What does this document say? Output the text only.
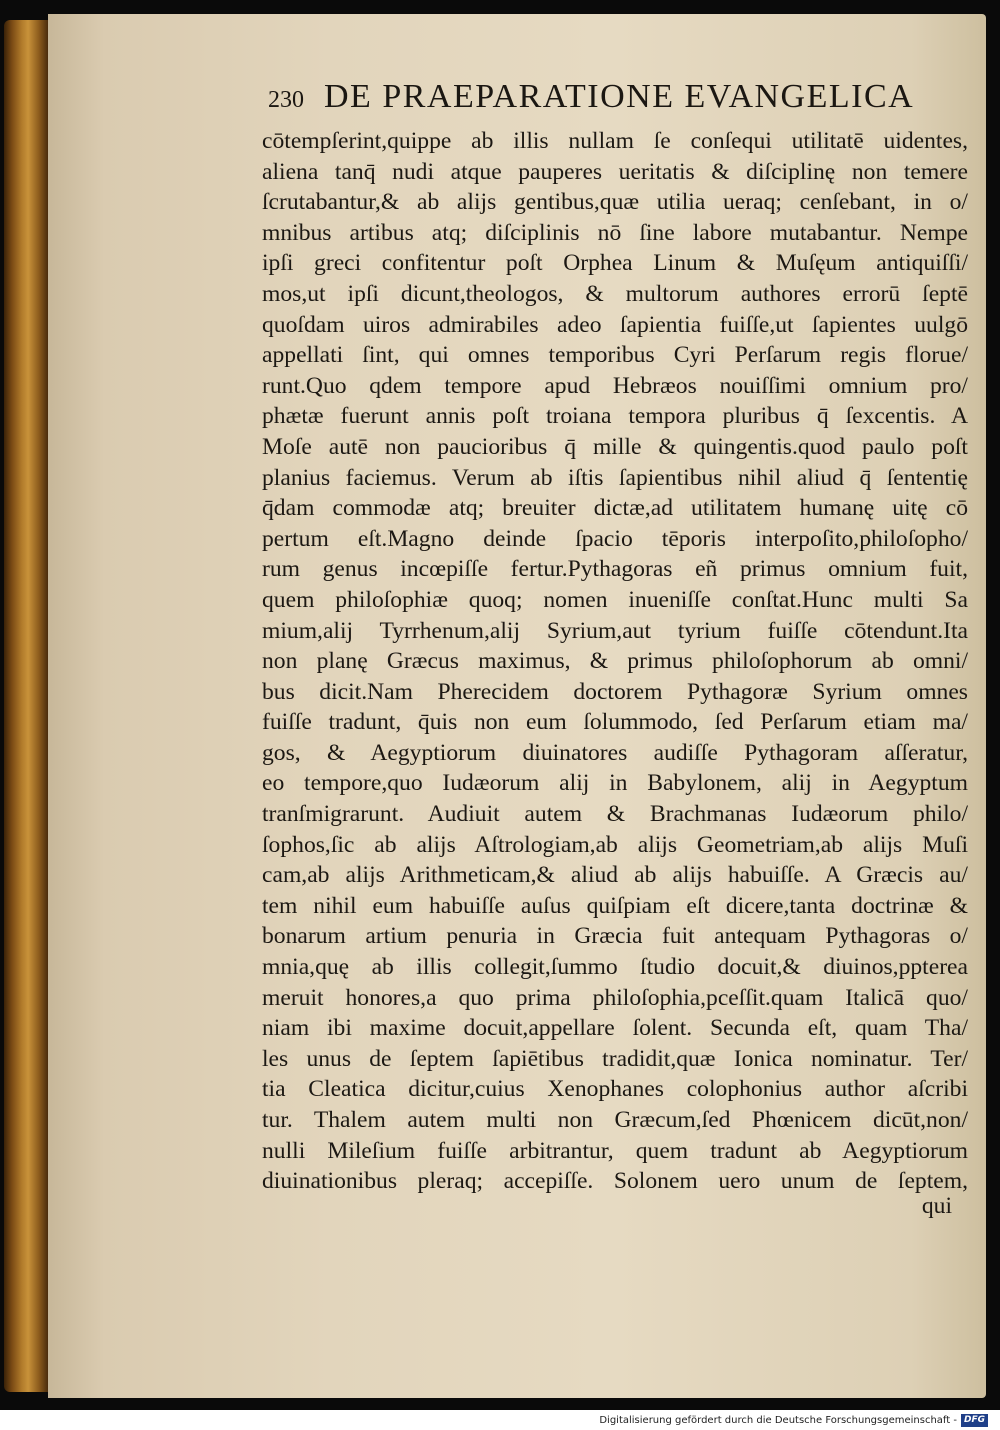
230 DE PRAEPARATIONE EVANGELICA
cōtempſerint,quippe ab illis nullam ſe conſequi utilitatē uidentes,
aliena tanq̄ nudi atque pauperes ueritatis & diſciplinę non temere
ſcrutabantur,& ab alijs gentibus,quæ utilia ueraq; cenſebant, in o/
mnibus artibus atq; diſciplinis nō ſine labore mutabantur. Nempe
ipſi greci confitentur poſt Orphea Linum & Muſęum antiquiſſi/
mos,ut ipſi dicunt,theologos, & multorum authores errorū ſeptē
quoſdam uiros admirabiles adeo ſapientia fuiſſe,ut ſapientes uulgō
appellati ſint, qui omnes temporibus Cyri Perſarum regis florue/
runt.Quo qdem tempore apud Hebræos nouiſſimi omnium pro/
phætæ fuerunt annis poſt troiana tempora pluribus q̄ ſexcentis. A
Moſe autē non paucioribus q̄ mille & quingentis.quod paulo poſt
planius faciemus. Verum ab iſtis ſapientibus nihil aliud q̄ ſententię
q̄dam commodæ atq; breuiter dictæ,ad utilitatem humanę uitę cō
pertum eſt.Magno deinde ſpacio tēporis interpoſito,philoſopho/
rum genus incœpiſſe fertur.Pythagoras eñ primus omnium fuit,
quem philoſophiæ quoq; nomen inueniſſe conſtat.Hunc multi Sa
mium,alij Tyrrhenum,alij Syrium,aut tyrium fuiſſe cōtendunt.Ita
non planę Græcus maximus, & primus philoſophorum ab omni/
bus dicit.Nam Pherecidem doctorem Pythagoræ Syrium omnes
fuiſſe tradunt, q̄uis non eum ſolummodo, ſed Perſarum etiam ma/
gos, & Aegyptiorum diuinatores audiſſe Pythagoram aſſeratur,
eo tempore,quo Iudæorum alij in Babylonem, alij in Aegyptum
tranſmigrarunt. Audiuit autem & Brachmanas Iudæorum philo/
ſophos,ſic ab alijs Aſtrologiam,ab alijs Geometriam,ab alijs Muſi
cam,ab alijs Arithmeticam,& aliud ab alijs habuiſſe. A Græcis au/
tem nihil eum habuiſſe auſus quiſpiam eſt dicere,tanta doctrinæ &
bonarum artium penuria in Græcia fuit antequam Pythagoras o/
mnia,quę ab illis collegit,ſummo ſtudio docuit,& diuinos,pptereа
meruit honores,a quo prima philoſophia,pceſſit.quam Italicā quo/
niam ibi maxime docuit,appellare ſolent. Secunda eſt, quam Tha/
les unus de ſeptem ſapiētibus tradidit,quæ Ionica nominatur. Ter/
tia Cleatica dicitur,cuius Xenophanes colophonius author aſcribi
tur. Thalem autem multi non Græcum,ſed Phœnicem dicūt,non/
nulli Mileſium fuiſſe arbitrantur, quem tradunt ab Aegyptiorum
diuinationibus pleraq; accepiſſe. Solonem uero unum de ſeptem,
qui
Digitalisierung gefördert durch die Deutsche Forschungsgemeinschaft - DFG
